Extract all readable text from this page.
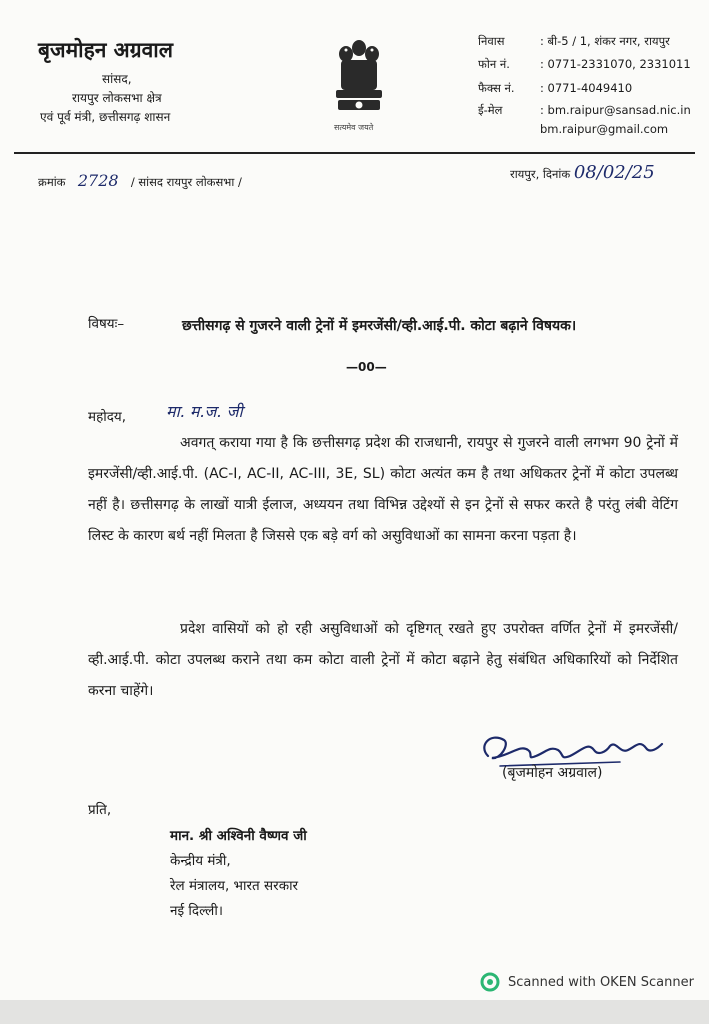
बृजमोहन अग्रवाल
सांसद,
रायपुर लोकसभा क्षेत्र
एवं पूर्व मंत्री, छत्तीसगढ़ शासन
सत्यमेव जयते
निवास	: बी-5 / 1, शंकर नगर, रायपुर
फोन नं.	: 0771-2331070, 2331011
फैक्स नं. : 0771-4049410
ई-मेल	: bm.raipur@sansad.nic.in
bm.raipur@gmail.com
क्रमांक 2728 / सांसद रायपुर लोकसभा /
रायपुर, दिनांक 08/02/25
विषयः–	छत्तीसगढ़ से गुजरने वाली ट्रेनों में इमरजेंसी/व्ही.आई.पी. कोटा बढ़ाने विषयक।
—00—
महोदय, मा. म.ज. जी
अवगत् कराया गया है कि छत्तीसगढ़ प्रदेश की राजधानी, रायपुर से गुजरने वाली लगभग 90 ट्रेनों में इमरजेंसी/व्ही.आई.पी. (AC-I, AC-II, AC-III, 3E, SL) कोटा अत्यंत कम है तथा अधिकतर ट्रेनों में कोटा उपलब्ध नहीं है। छत्तीसगढ़ के लाखों यात्री ईलाज, अध्ययन तथा विभिन्न उद्देश्यों से इन ट्रेनों से सफर करते है परंतु लंबी वेटिंग लिस्ट के कारण बर्थ नहीं मिलता है जिससे एक बड़े वर्ग को असुविधाओं का सामना करना पड़ता है।
प्रदेश वासियों को हो रही असुविधाओं को दृष्टिगत् रखते हुए उपरोक्त वर्णित ट्रेनों में इमरजेंसी/व्ही.आई.पी. कोटा उपलब्ध कराने तथा कम कोटा वाली ट्रेनों में कोटा बढ़ाने हेतु संबंधित अधिकारियों को निर्देशित करना चाहेंगे।
(बृजमोहन अग्रवाल)
प्रति,
मान. श्री अश्विनी वैष्णव जी
केन्द्रीय मंत्री,
रेल मंत्रालय, भारत सरकार
नई दिल्ली।
Scanned with OKEN Scanner
